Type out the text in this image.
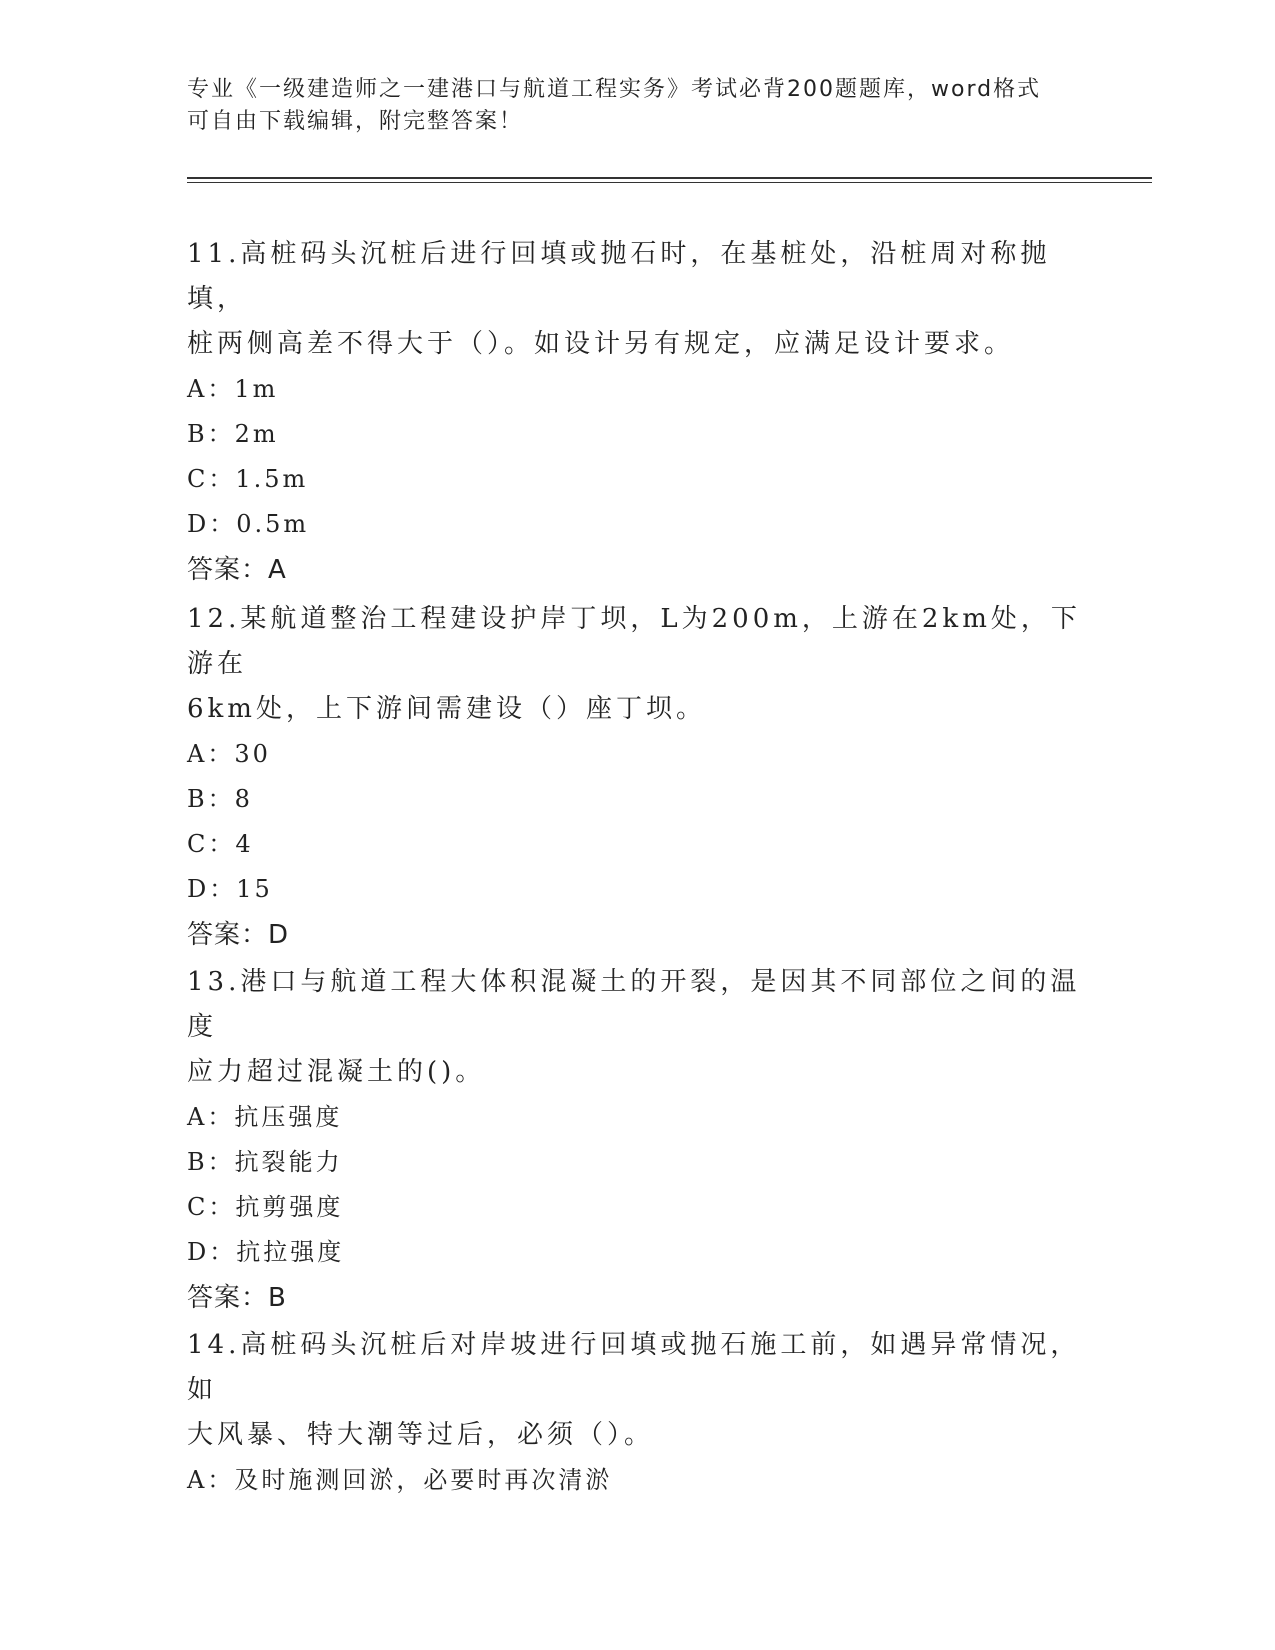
专业《一级建造师之一建港口与航道工程实务》考试必背200题题库，word格式
可自由下载编辑，附完整答案！

11.高桩码头沉桩后进行回填或抛石时，在基桩处，沿桩周对称抛填，

桩两侧高差不得大于（）。如设计另有规定，应满足设计要求。

A：1m

B：2m

C：1.5m

D：0.5m

答案：A

12.某航道整治工程建设护岸丁坝，L为200m，上游在2km处，下游在

6km处，上下游间需建设（）座丁坝。

A：30

B：8

C：4

D：15

答案：D

13.港口与航道工程大体积混凝土的开裂，是因其不同部位之间的温度

应力超过混凝土的()。

A：抗压强度

B：抗裂能力

C：抗剪强度

D：抗拉强度

答案：B

14.高桩码头沉桩后对岸坡进行回填或抛石施工前，如遇异常情况，如

大风暴、特大潮等过后，必须（）。

A：及时施测回淤，必要时再次清淤
